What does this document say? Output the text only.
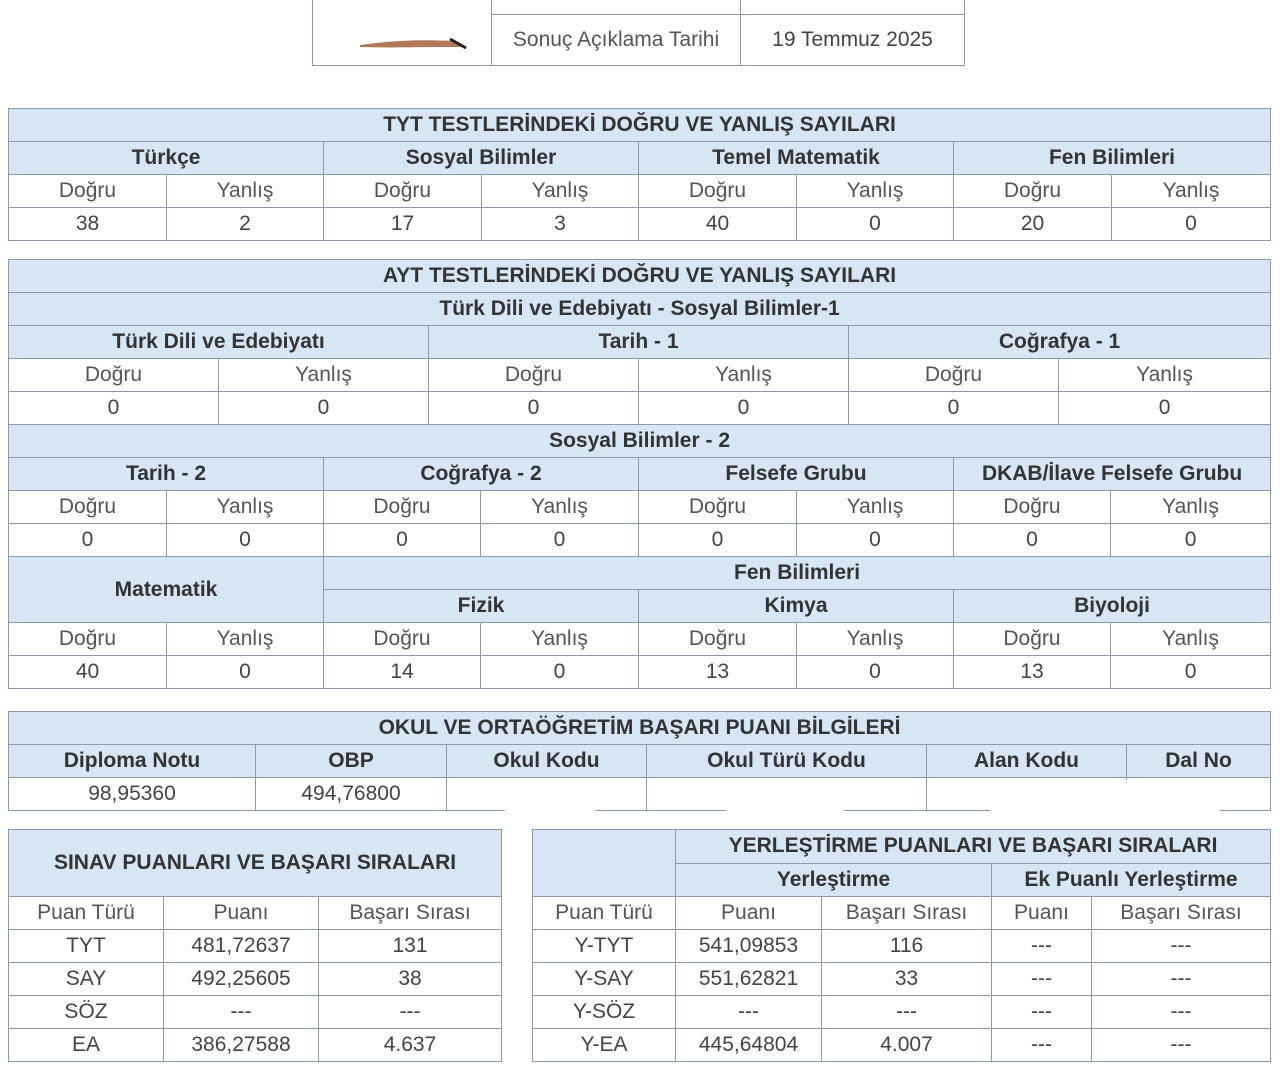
	Sonuç Açıklama Tarihi	19 Temmuz 2025
TYT TESTLERİNDEKİ DOĞRU VE YANLIŞ SAYILARI							
Türkçe		Sosyal Bilimler		Temel Matematik		Fen Bilimleri	
Doğru	Yanlış	Doğru	Yanlış	Doğru	Yanlış	Doğru	Yanlış
38	2	17	3	40	0	20	0
AYT TESTLERİNDEKİ DOĞRU VE YANLIŞ SAYILARI											
Türk Dili ve Edebiyatı - Sosyal Bilimler-1											
Türk Dili ve Edebiyatı				Tarih - 1				Coğrafya - 1			
Doğru		Yanlış		Doğru		Yanlış		Doğru		Yanlış	
0		0		0		0		0		0	
Sosyal Bilimler - 2											
Tarih - 2			Coğrafya - 2			Felsefe Grubu			DKAB/İlave Felsefe Grubu		
Doğru	Yanlış		Doğru		Yanlış	Doğru	Yanlış		Doğru		Yanlış
0	0		0		0	0	0		0		0
Matematik			Fen Bilimleri								
			Fizik			Kimya			Biyoloji		
Doğru	Yanlış		Doğru		Yanlış	Doğru	Yanlış		Doğru		Yanlış
40	0		14		0	13	0		13		0
OKUL VE ORTAÖĞRETİM BAŞARI PUANI BİLGİLERİ					
Diploma Notu	OBP	Okul Kodu	Okul Türü Kodu	Alan Kodu	Dal No
98,95360	494,76800				
SINAV PUANLARI VE BAŞARI SIRALARI		
Puan Türü	Puanı	Başarı Sırası
TYT	481,72637	131
SAY	492,25605	38
SÖZ	---	---
EA	386,27588	4.637
	YERLEŞTİRME PUANLARI VE BAŞARI SIRALARI			
	Yerleştirme		Ek Puanlı Yerleştirme	
Puan Türü	Puanı	Başarı Sırası	Puanı	Başarı Sırası
Y-TYT	541,09853	116	---	---
Y-SAY	551,62821	33	---	---
Y-SÖZ	---	---	---	---
Y-EA	445,64804	4.007	---	---
